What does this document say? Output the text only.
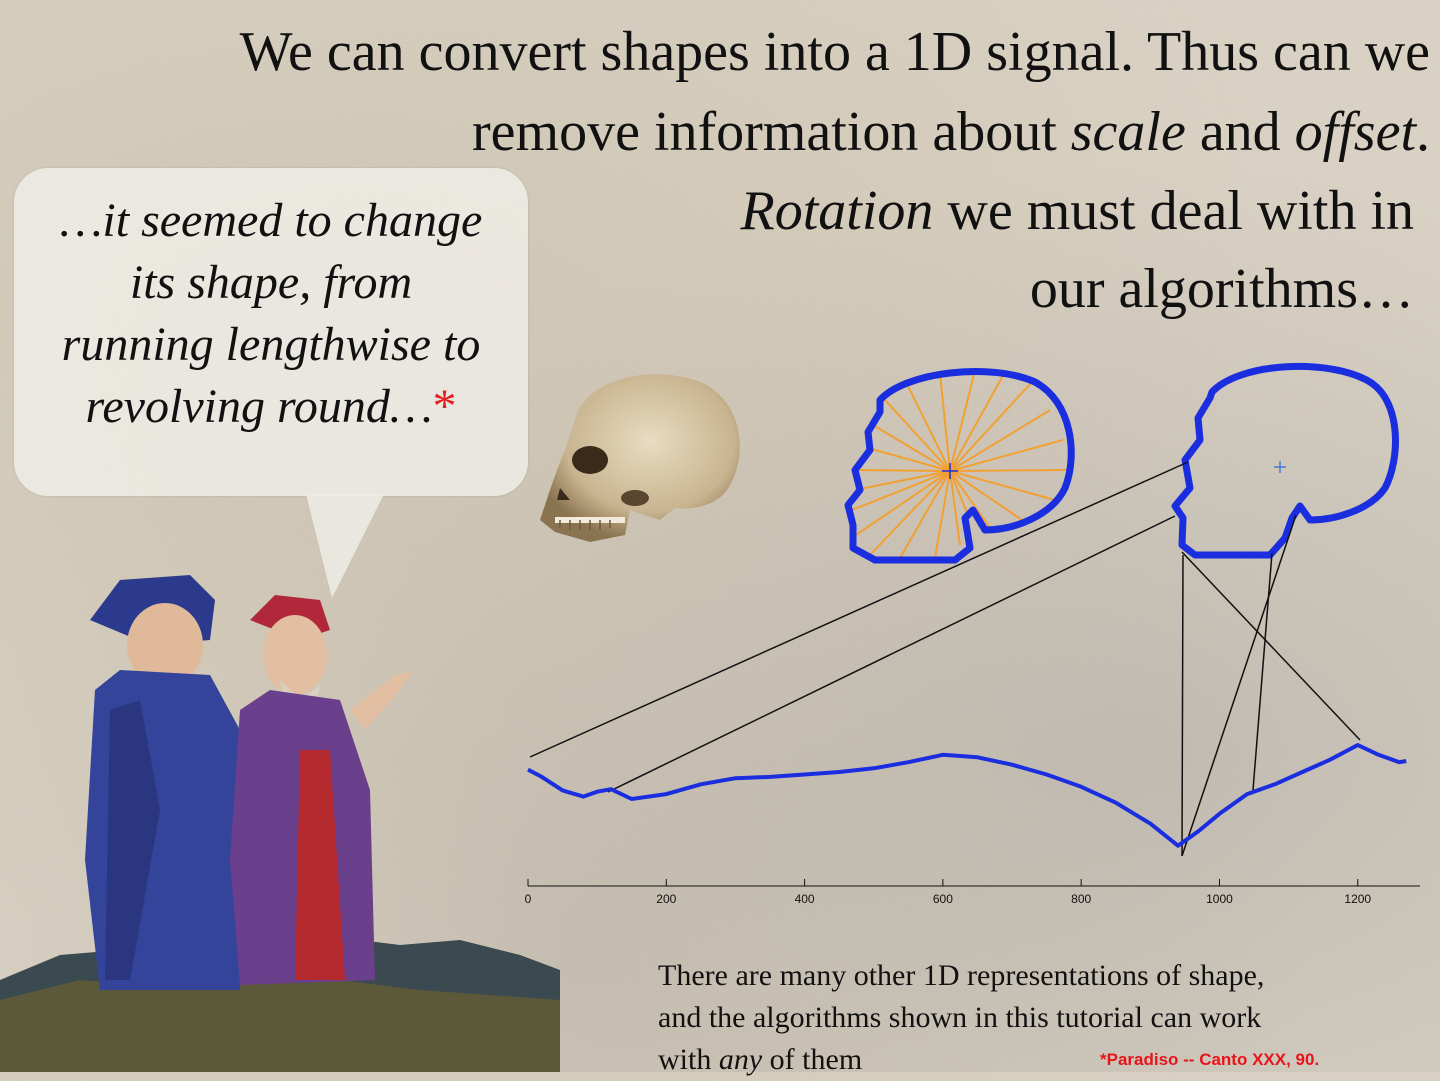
We can convert shapes into a 1D signal. Thus can we
remove information about scale and offset.

Rotation we must deal with in
our algorithms…

…it seemed to change
its shape, from
running lengthwise to
revolving round…*

0	200	400	600	800	1000	1200

There are many other 1D representations of shape,
and the algorithms shown in this tutorial can work
with any of them	*Paradiso -- Canto XXX, 90.
